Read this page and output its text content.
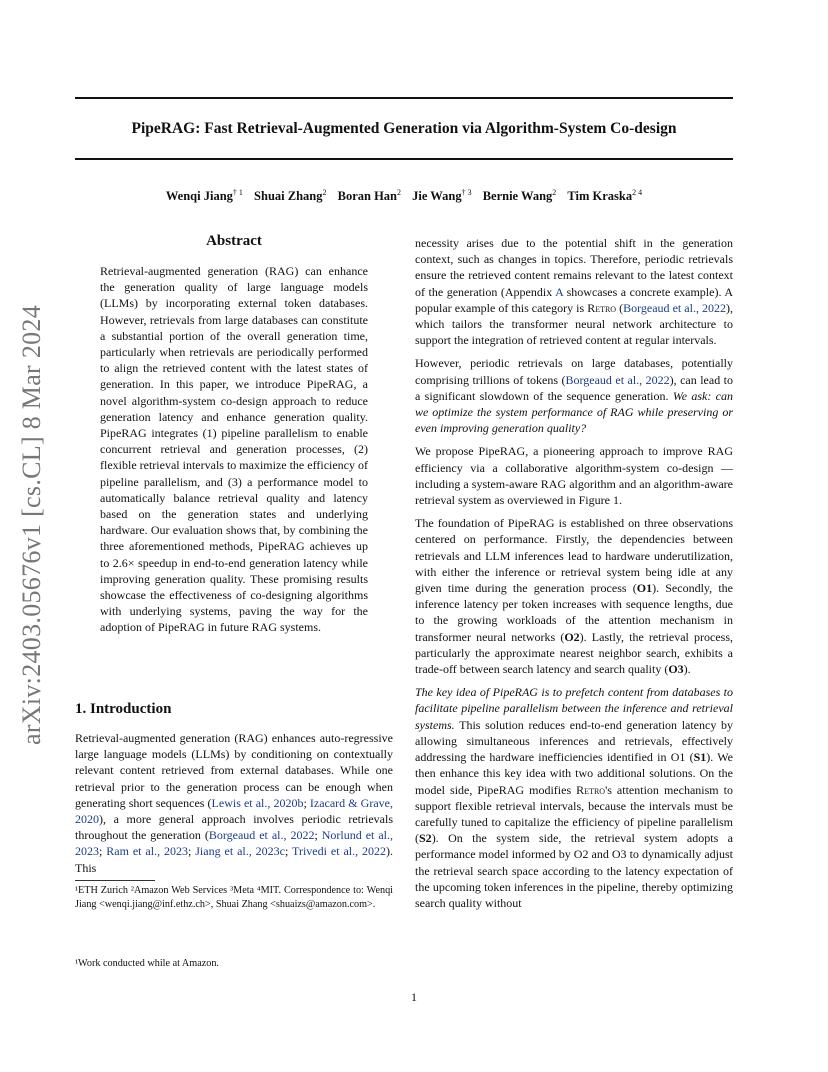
PipeRAG: Fast Retrieval-Augmented Generation via Algorithm-System Co-design
Wenqi Jiang$^{\dagger 1}$ Shuai Zhang$^2$ Boran Han$^2$ Jie Wang$^{\dagger 3}$ Bernie Wang$^2$ Tim Kraska$^{2 4}$
arXiv:2403.05676v1 [cs.CL] 8 Mar 2024
Abstract

Retrieval-augmented generation (RAG) can enhance the generation quality of large language models (LLMs) by incorporating external token databases. However, retrievals from large databases can constitute a substantial portion of the overall generation time, particularly when retrievals are periodically performed to align the retrieved content with the latest states of generation. In this paper, we introduce PipeRAG, a novel algorithm-system co-design approach to reduce generation latency and enhance generation quality. PipeRAG integrates (1) pipeline parallelism to enable concurrent retrieval and generation processes, (2) flexible retrieval intervals to maximize the efficiency of pipeline parallelism, and (3) a performance model to automatically balance retrieval quality and latency based on the generation states and underlying hardware. Our evaluation shows that, by combining the three aforementioned methods, PipeRAG achieves up to 2.6× speedup in end-to-end generation latency while improving generation quality. These promising results showcase the effectiveness of co-designing algorithms with underlying systems, paving the way for the adoption of PipeRAG in future RAG systems.

1. Introduction

Retrieval-augmented generation (RAG) enhances auto-regressive large language models (LLMs) by conditioning on contextually relevant content retrieved from external databases. While one retrieval prior to the generation process can be enough when generating short sequences (Lewis et al., 2020b; Izacard & Grave, 2020), a more general approach involves periodic retrievals throughout the generation (Borgeaud et al., 2022; Norlund et al., 2023; Ram et al., 2023; Jiang et al., 2023c; Trivedi et al., 2022). This

¹ETH Zurich ²Amazon Web Services ³Meta ⁴MIT. Correspondence to: Wenqi Jiang <wenqi.jiang@inf.ethz.ch>, Shuai Zhang <shuaizs@amazon.com>.

¹Work conducted while at Amazon.

necessity arises due to the potential shift in the generation context, such as changes in topics. Therefore, periodic retrievals ensure the retrieved content remains relevant to the latest context of the generation (Appendix A showcases a concrete example). A popular example of this category is Retro (Borgeaud et al., 2022), which tailors the transformer neural network architecture to support the integration of retrieved content at regular intervals.

However, periodic retrievals on large databases, potentially comprising trillions of tokens (Borgeaud et al., 2022), can lead to a significant slowdown of the sequence generation. We ask: can we optimize the system performance of RAG while preserving or even improving generation quality?

We propose PipeRAG, a pioneering approach to improve RAG efficiency via a collaborative algorithm-system co-design — including a system-aware RAG algorithm and an algorithm-aware retrieval system as overviewed in Figure 1.

The foundation of PipeRAG is established on three observations centered on performance. Firstly, the dependencies between retrievals and LLM inferences lead to hardware underutilization, with either the inference or retrieval system being idle at any given time during the generation process (O1). Secondly, the inference latency per token increases with sequence lengths, due to the growing workloads of the attention mechanism in transformer neural networks (O2). Lastly, the retrieval process, particularly the approximate nearest neighbor search, exhibits a trade-off between search latency and search quality (O3).

The key idea of PipeRAG is to prefetch content from databases to facilitate pipeline parallelism between the inference and retrieval systems. This solution reduces end-to-end generation latency by allowing simultaneous inferences and retrievals, effectively addressing the hardware inefficiencies identified in O1 (S1). We then enhance this key idea with two additional solutions. On the model side, PipeRAG modifies Retro's attention mechanism to support flexible retrieval intervals, because the intervals must be carefully tuned to capitalize the efficiency of pipeline parallelism (S2). On the system side, the retrieval system adopts a performance model informed by O2 and O3 to dynamically adjust the retrieval search space according to the latency expectation of the upcoming token inferences in the pipeline, thereby optimizing search quality without

1
